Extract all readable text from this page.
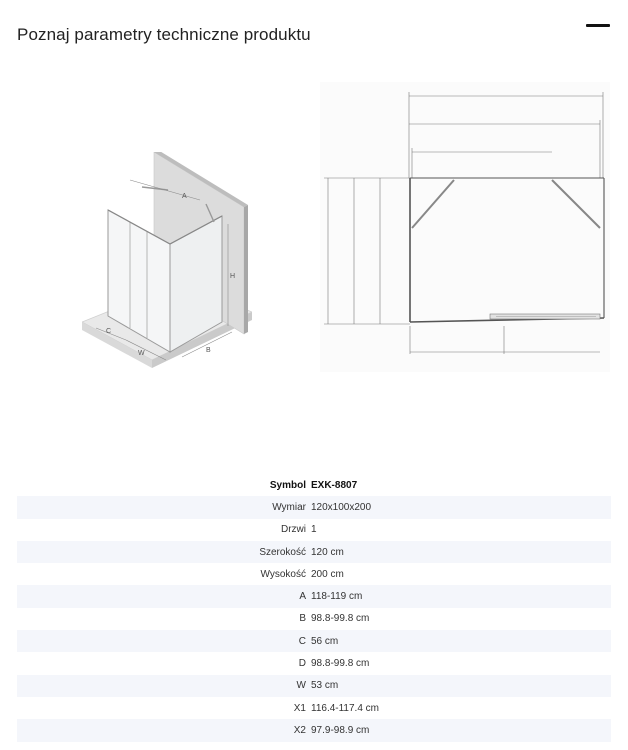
Poznaj parametry techniczne produktu
A
H
C
W	B
Symbol EXK-8807
Wymiar 120x100x200
Drzwi 1
Szerokość 120 cm
Wysokość 200 cm
A 118-119 cm
B 98.8-99.8 cm
C 56 cm
D 98.8-99.8 cm
W 53 cm
X1 116.4-117.4 cm
X2 97.9-98.9 cm
